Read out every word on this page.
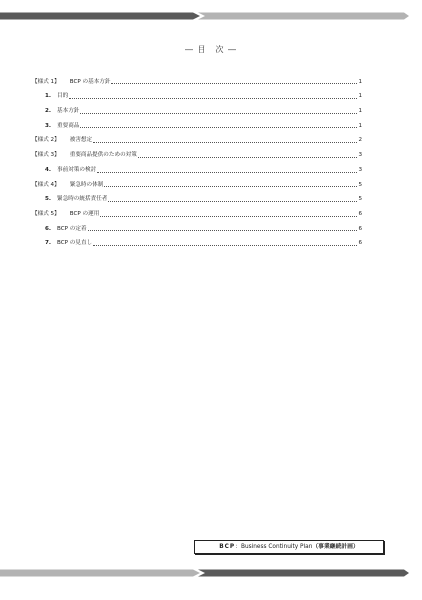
― 目　次 ―
【様式 1】 BCP の基本方針	1
1. 目的	1
2. 基本方針	1
3. 重要商品	1
【様式 2】 被害想定	2
【様式 3】 重要商品提供のための対策	3
4. 事前対策の検討	3
【様式 4】 緊急時の体制	5
5. 緊急時の統括責任者	5
【様式 5】 BCP の運用	6
6. BCP の定着	6
7. BCP の見直し	6
BCP：Business Continuity Plan（事業継続計画）
